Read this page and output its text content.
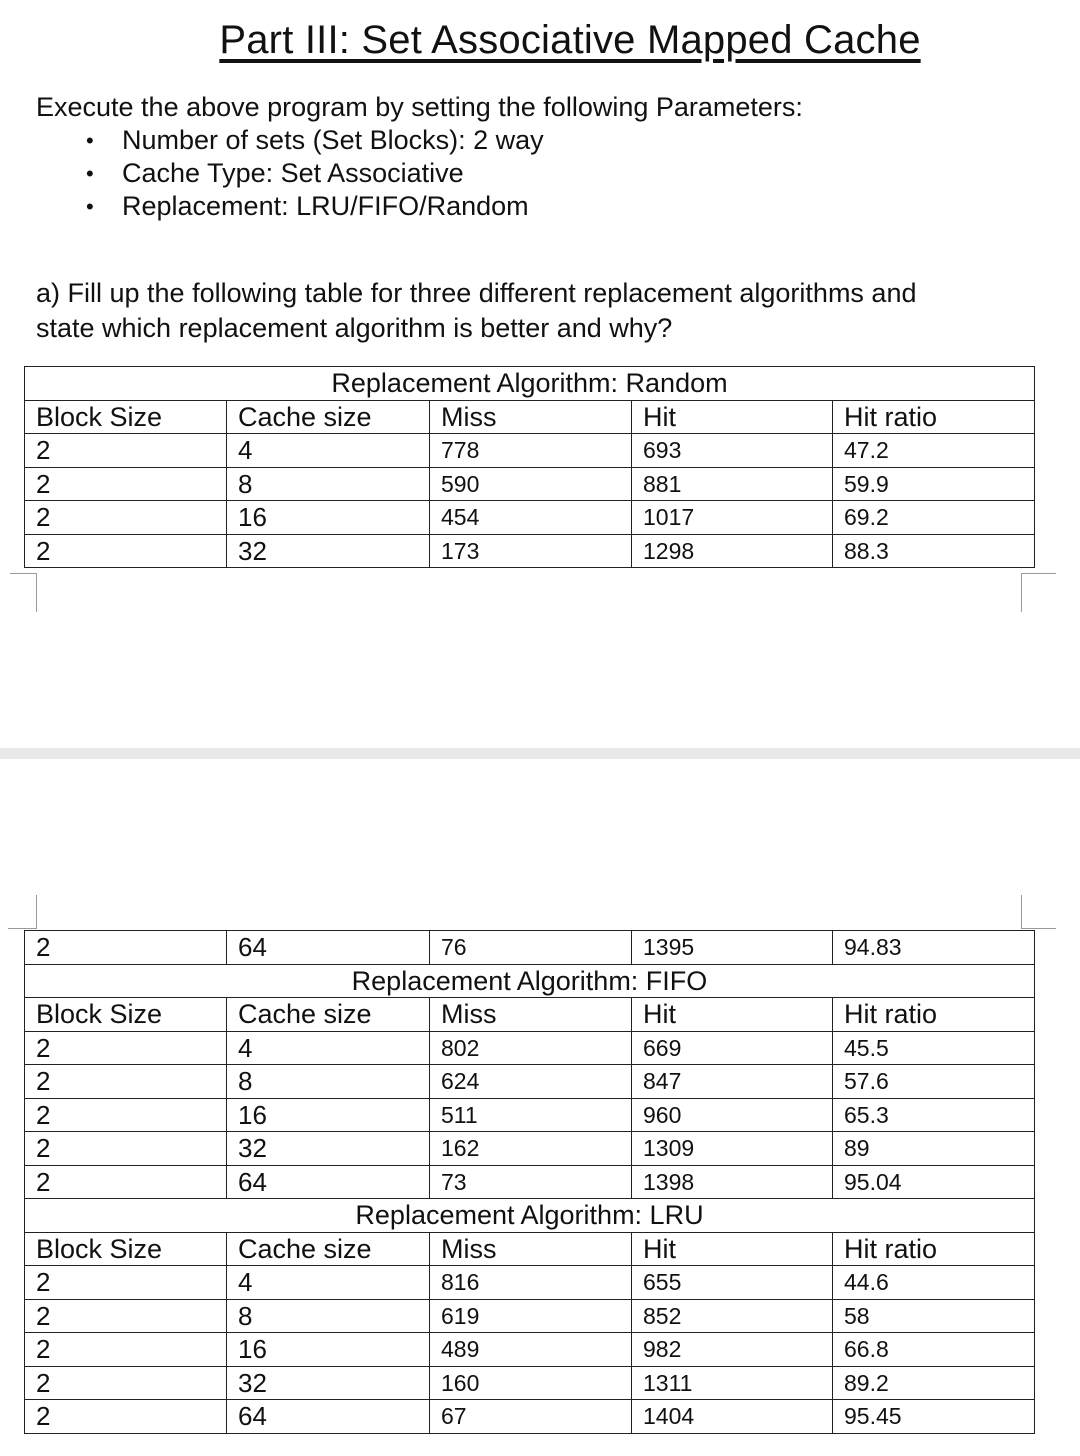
Part III: Set Associative Mapped Cache
Execute the above program by setting the following Parameters:
• Number of sets (Set Blocks): 2 way
• Cache Type: Set Associative
• Replacement: LRU/FIFO/Random
a) Fill up the following table for three different replacement algorithms and
state which replacement algorithm is better and why?
Replacement Algorithm: Random				
Block Size	Cache size	Miss	Hit	Hit ratio
2	4	778	693	47.2
2	8	590	881	59.9
2	16	454	1017	69.2
2	32	173	1298	88.3
2	64	76	1395	94.83
Replacement Algorithm: FIFO				
Block Size	Cache size	Miss	Hit	Hit ratio
2	4	802	669	45.5
2	8	624	847	57.6
2	16	511	960	65.3
2	32	162	1309	89
2	64	73	1398	95.04
Replacement Algorithm: LRU				
Block Size	Cache size	Miss	Hit	Hit ratio
2	4	816	655	44.6
2	8	619	852	58
2	16	489	982	66.8
2	32	160	1311	89.2
2	64	67	1404	95.45
